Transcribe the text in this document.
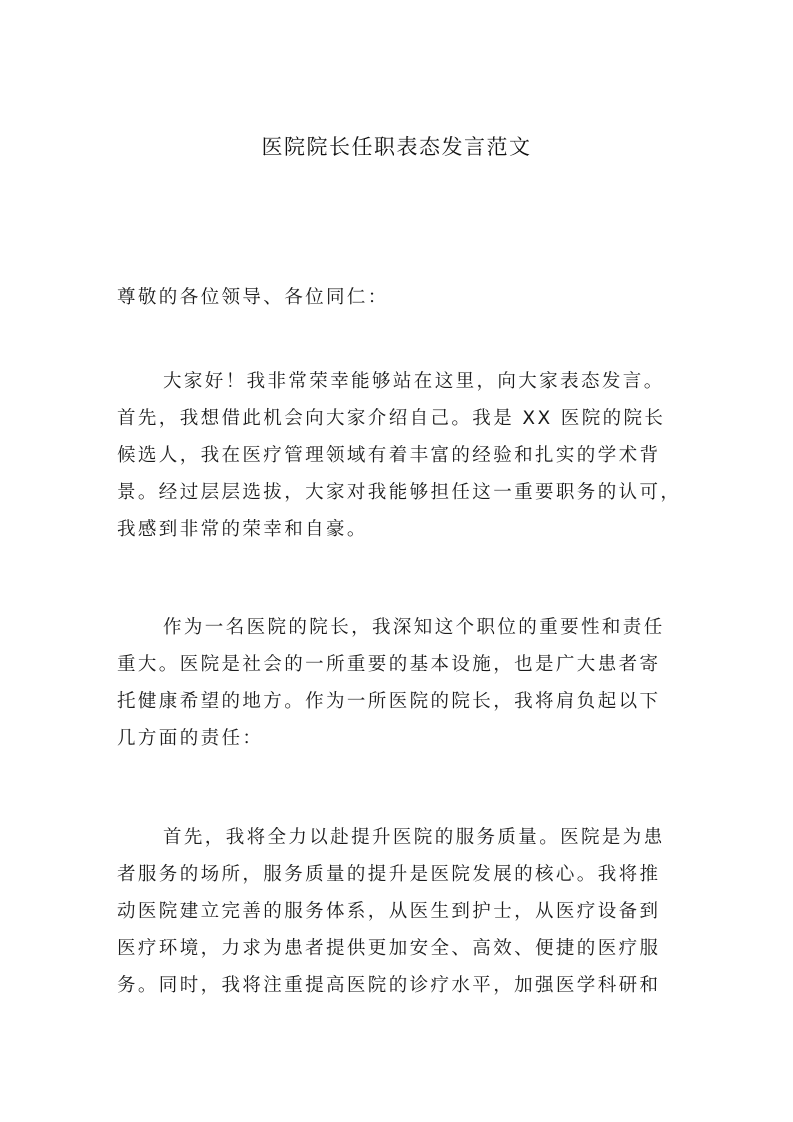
医院院长任职表态发言范文
尊敬的各位领导、各位同仁：
大家好！我非常荣幸能够站在这里，向大家表态发言。
首先，我想借此机会向大家介绍自己。我是 XX 医院的院长
候选人，我在医疗管理领域有着丰富的经验和扎实的学术背
景。经过层层选拔，大家对我能够担任这一重要职务的认可，
我感到非常的荣幸和自豪。
作为一名医院的院长，我深知这个职位的重要性和责任
重大。医院是社会的一所重要的基本设施，也是广大患者寄
托健康希望的地方。作为一所医院的院长，我将肩负起以下
几方面的责任：
首先，我将全力以赴提升医院的服务质量。医院是为患
者服务的场所，服务质量的提升是医院发展的核心。我将推
动医院建立完善的服务体系，从医生到护士，从医疗设备到
医疗环境，力求为患者提供更加安全、高效、便捷的医疗服
务。同时，我将注重提高医院的诊疗水平，加强医学科研和
